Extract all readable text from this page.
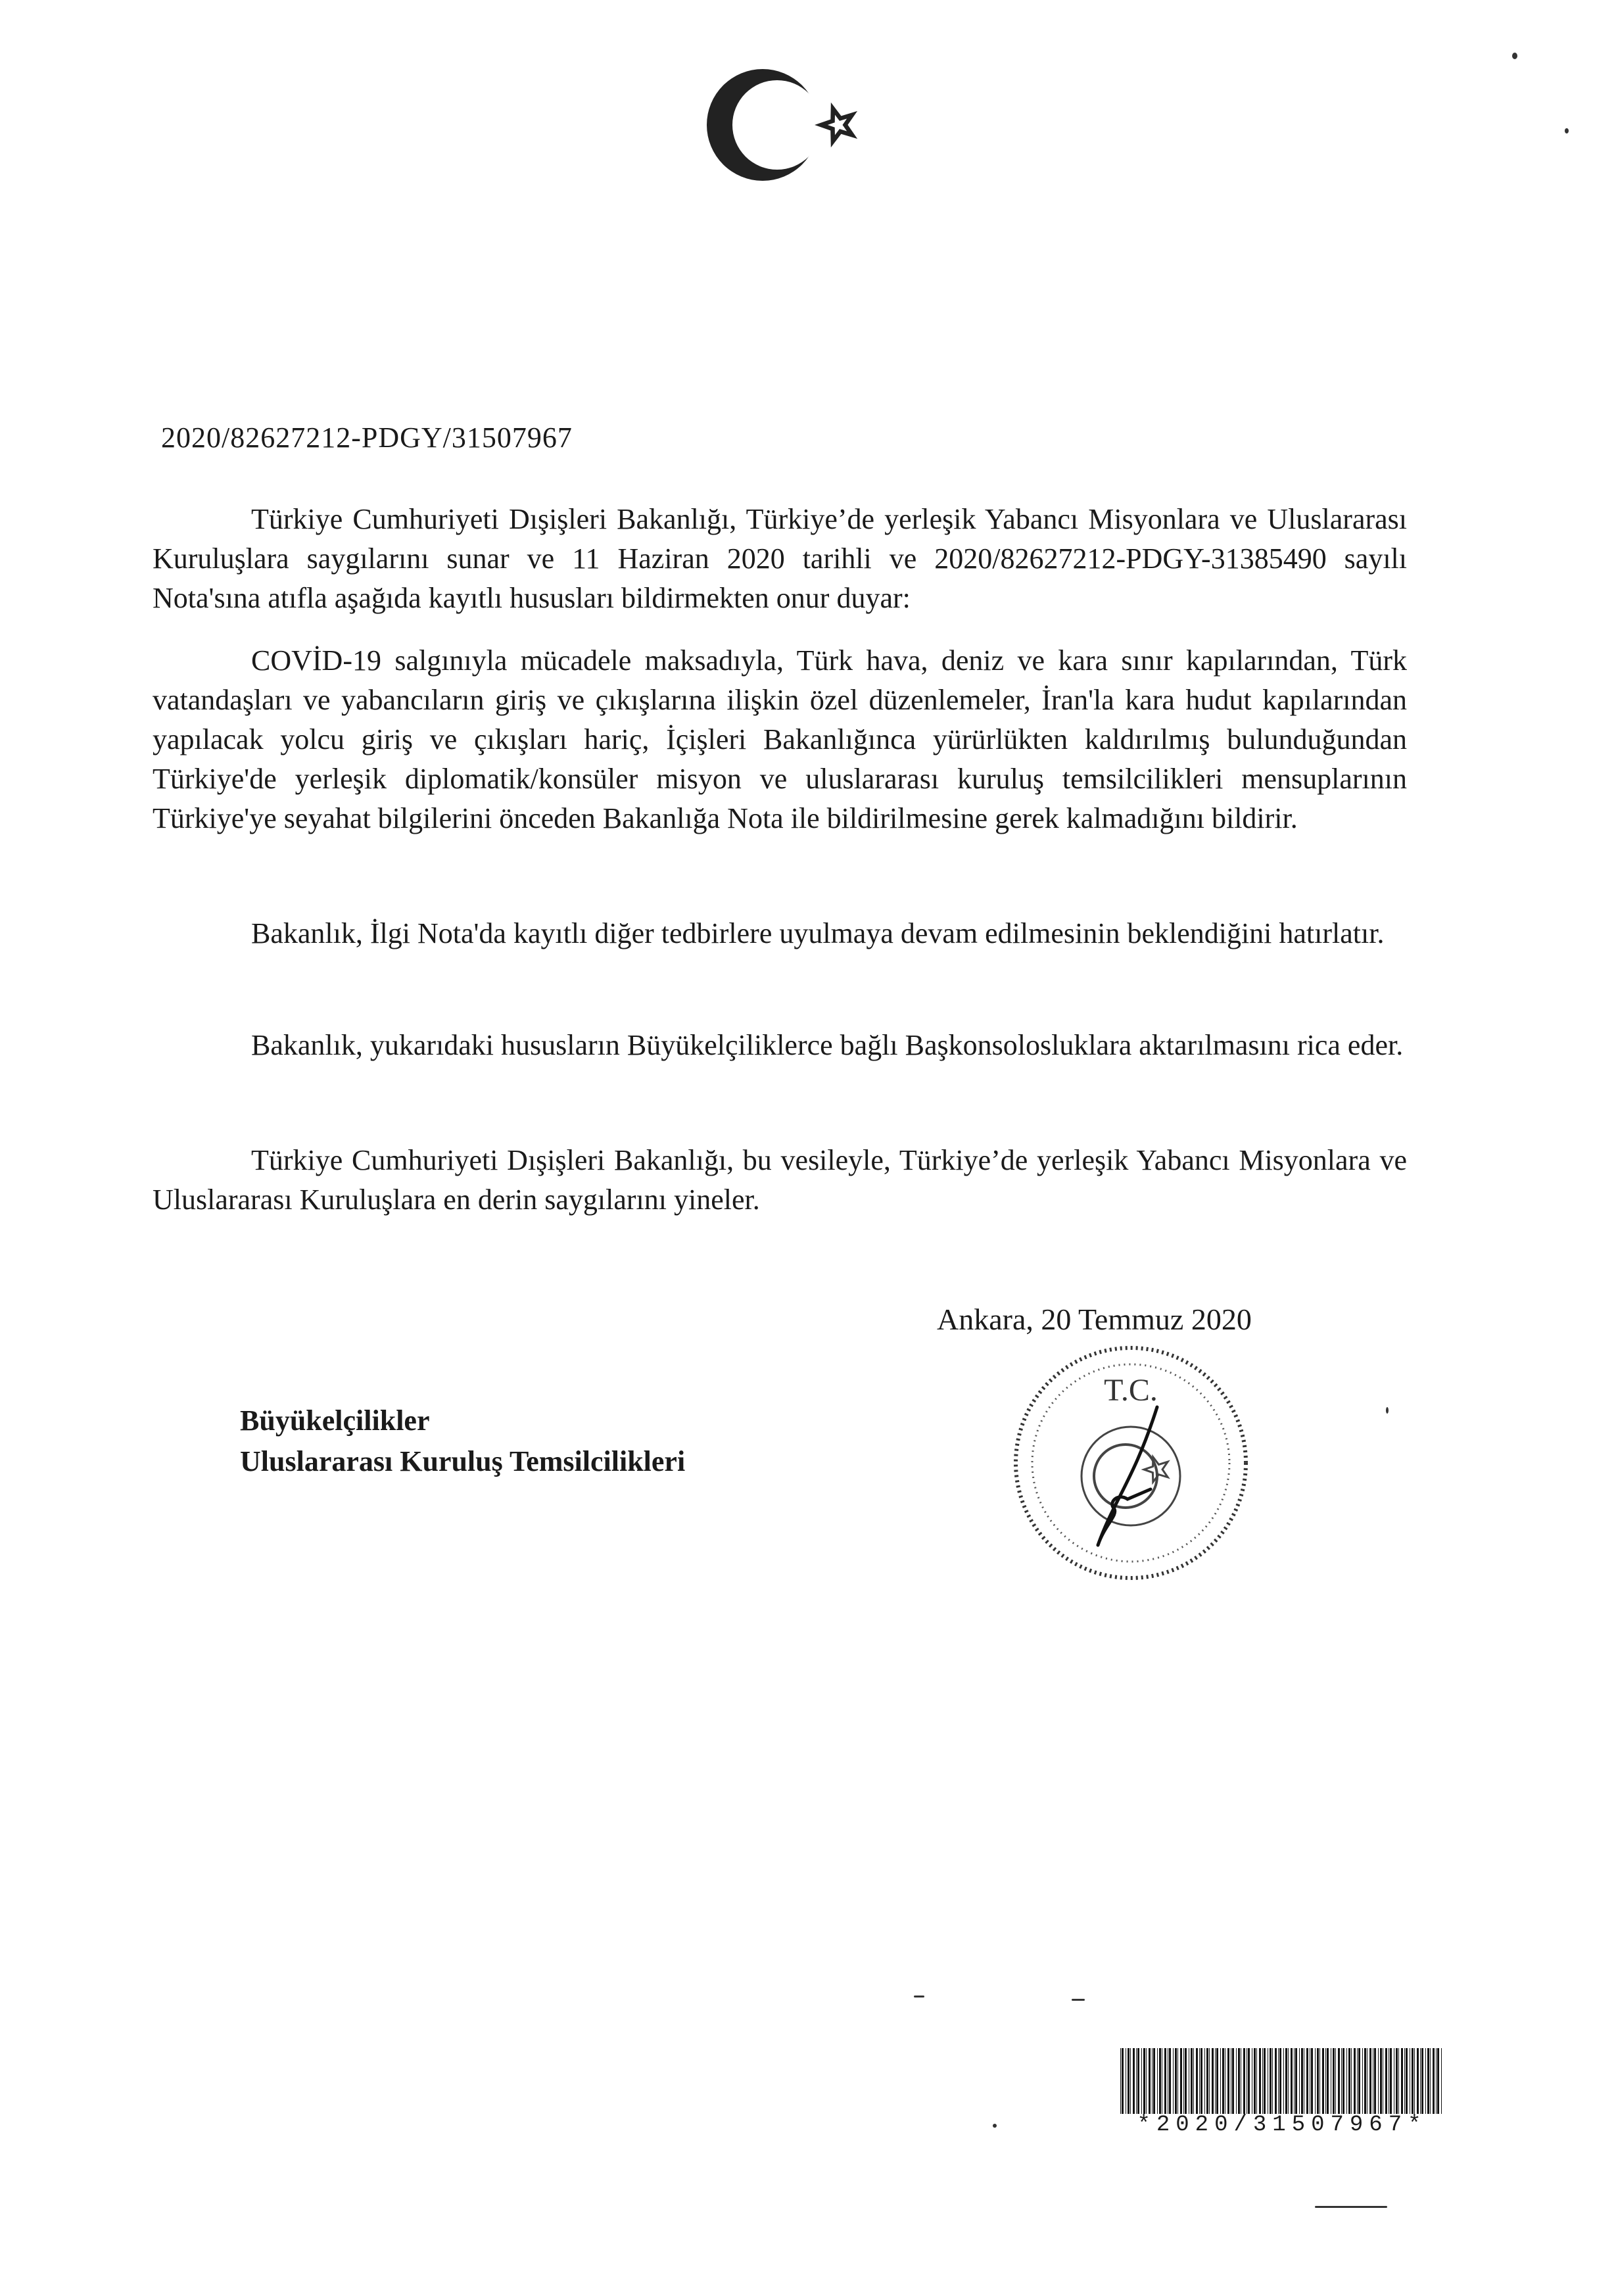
2020/82627212-PDGY/31507967

Türkiye Cumhuriyeti Dışişleri Bakanlığı, Türkiye’de yerleşik Yabancı Misyonlara ve Uluslararası Kuruluşlara saygılarını sunar ve 11 Haziran 2020 tarihli ve 2020/82627212-PDGY-31385490 sayılı Nota'sına atıfla aşağıda kayıtlı hususları bildirmekten onur duyar:

COVİD-19 salgınıyla mücadele maksadıyla, Türk hava, deniz ve kara sınır kapılarından, Türk vatandaşları ve yabancıların giriş ve çıkışlarına ilişkin özel düzenlemeler, İran'la kara hudut kapılarından yapılacak yolcu giriş ve çıkışları hariç, İçişleri Bakanlığınca yürürlükten kaldırılmış bulunduğundan Türkiye'de yerleşik diplomatik/konsüler misyon ve uluslararası kuruluş temsilcilikleri mensuplarının Türkiye'ye seyahat bilgilerini önceden Bakanlığa Nota ile bildirilmesine gerek kalmadığını bildirir.

Bakanlık, İlgi Nota'da kayıtlı diğer tedbirlere uyulmaya devam edilmesinin beklendiğini hatırlatır.

Bakanlık, yukarıdaki hususların Büyükelçiliklerce bağlı Başkonsolosluklara aktarılmasını rica eder.

Türkiye Cumhuriyeti Dışişleri Bakanlığı, bu vesileyle, Türkiye’de yerleşik Yabancı Misyonlara ve Uluslararası Kuruluşlara en derin saygılarını yineler.

Ankara, 20 Temmuz 2020
T.C.
Büyükelçilikler
Uluslararası Kuruluş Temsilcilikleri
*2020/31507967*
